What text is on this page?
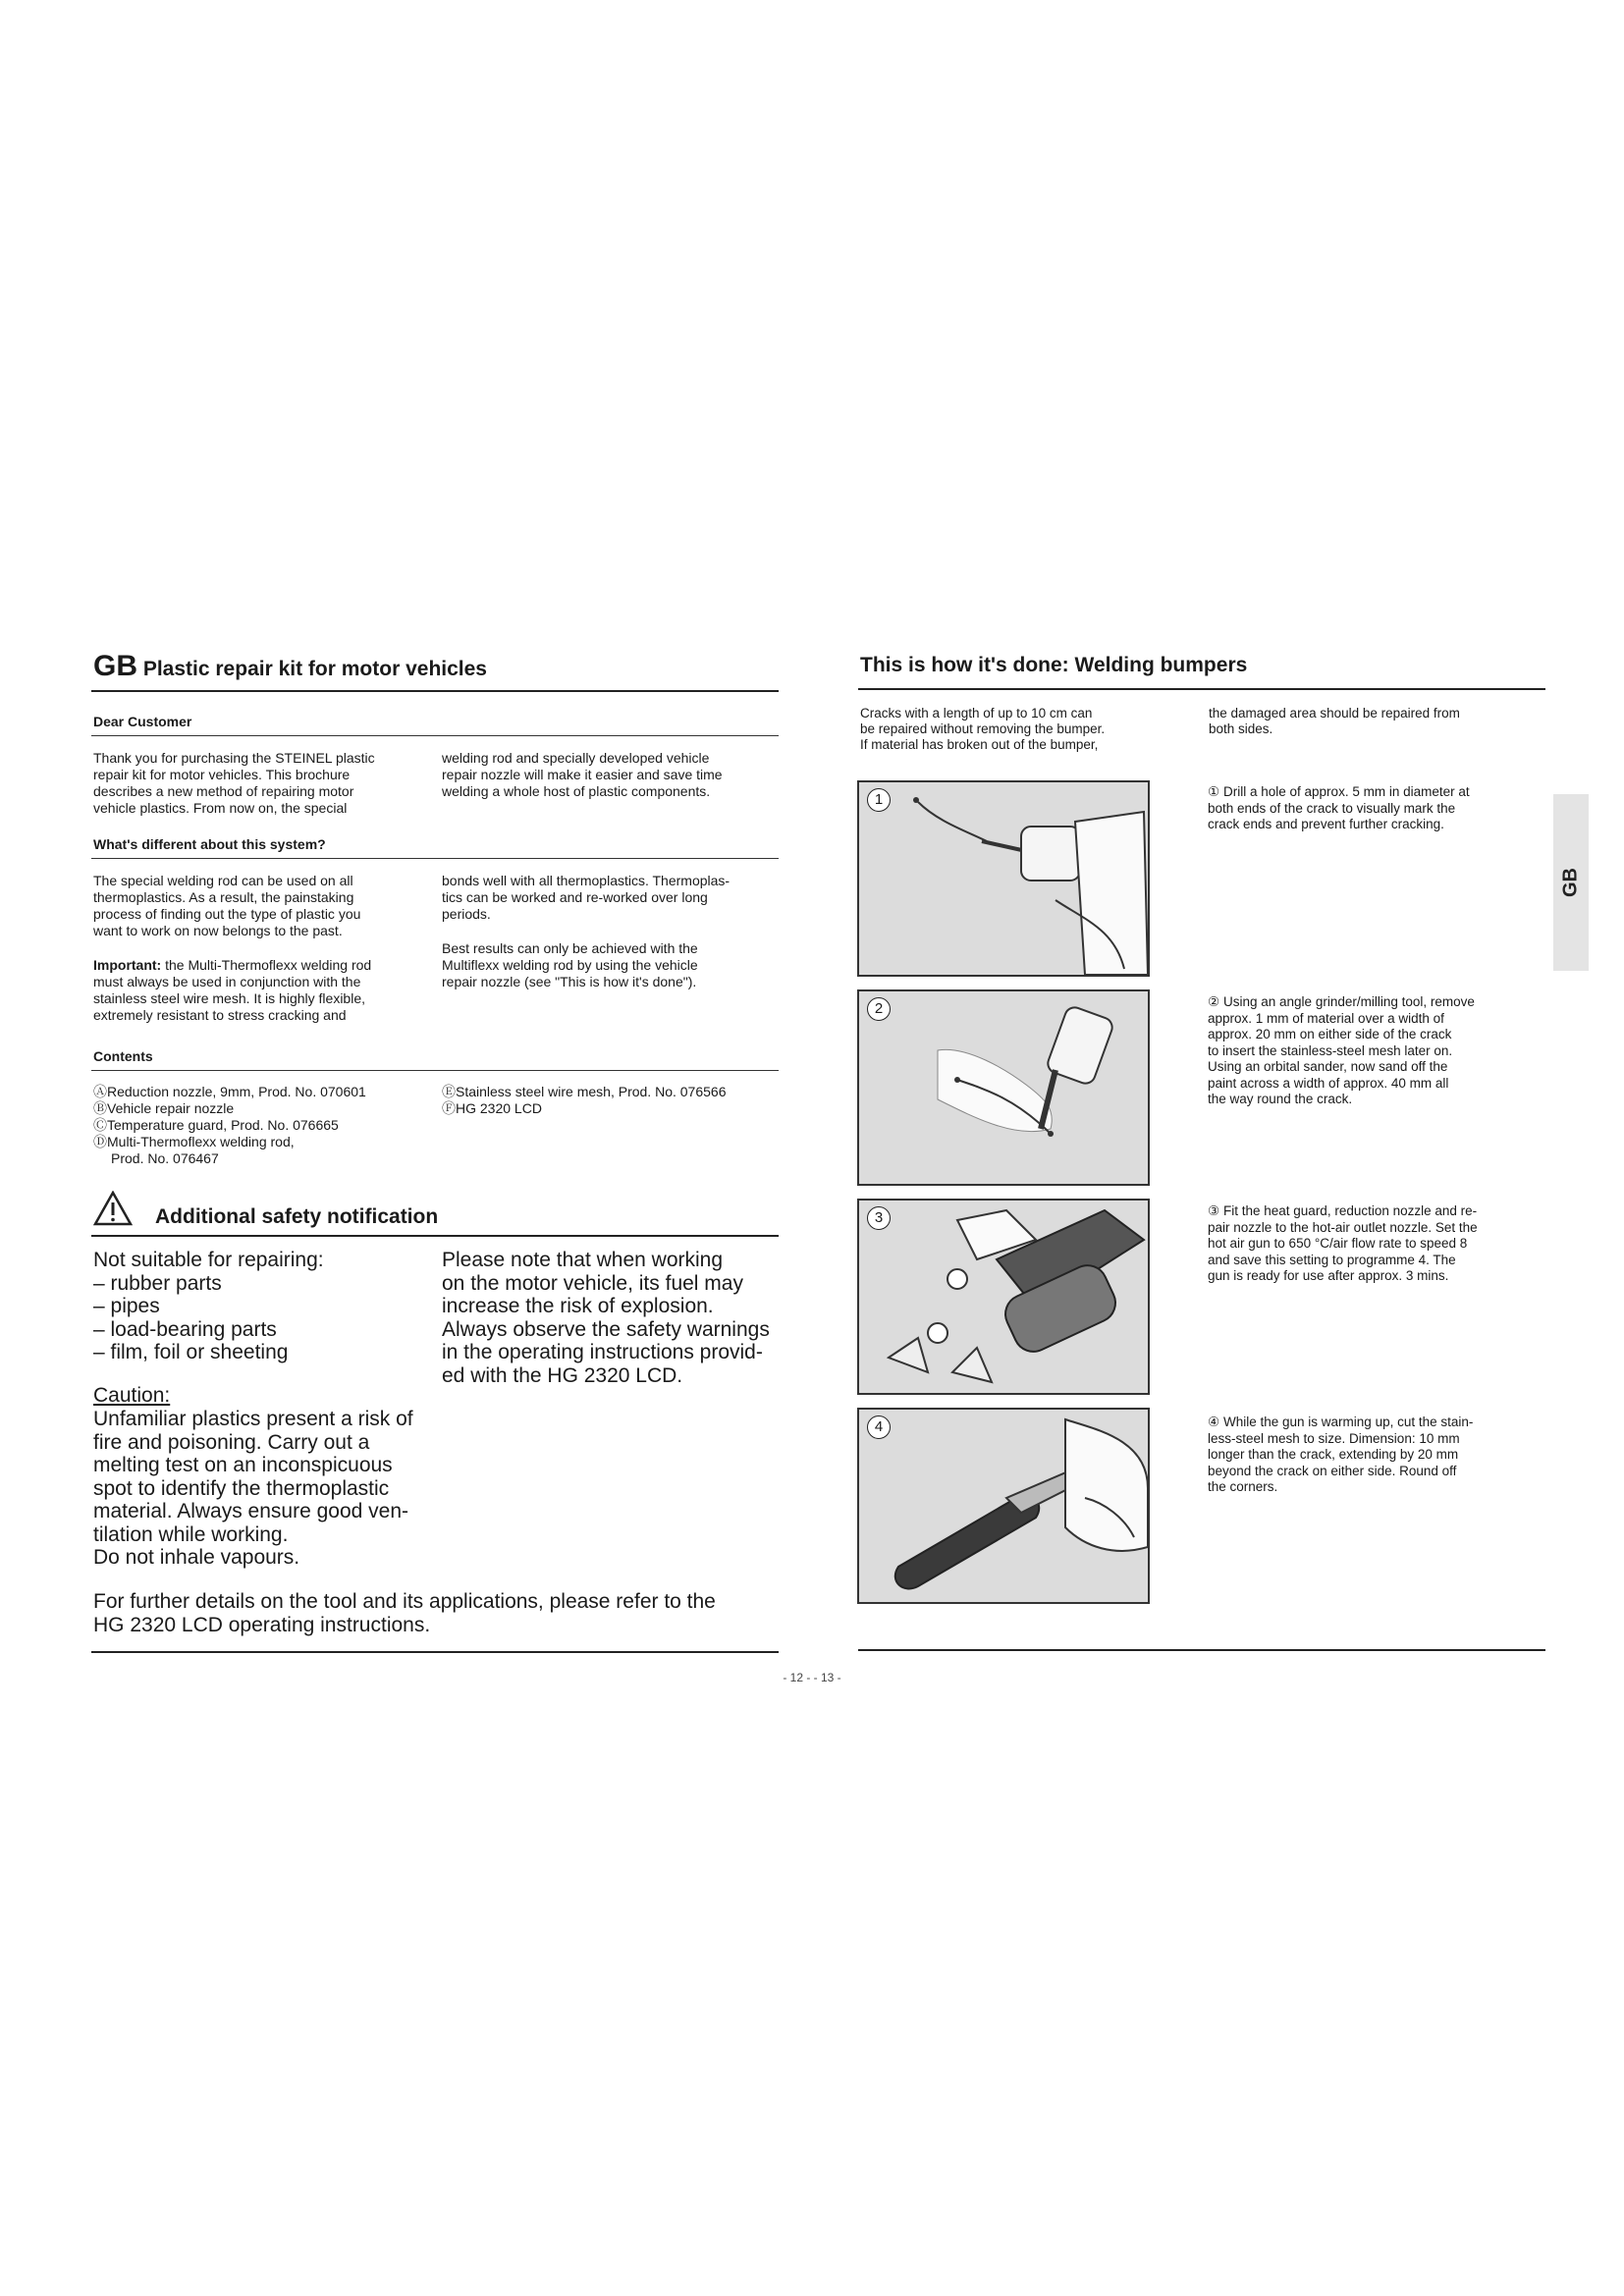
GB Plastic repair kit for motor vehicles
Dear Customer
Thank you for purchasing the STEINEL plastic
repair kit for motor vehicles. This brochure
describes a new method of repairing motor
vehicle plastics. From now on, the special
welding rod and specially developed vehicle
repair nozzle will make it easier and save time
welding a whole host of plastic components.
What's different about this system?
The special welding rod can be used on all
thermoplastics. As a result, the painstaking
process of finding out the type of plastic you
want to work on now belongs to the past.
Important: the Multi-Thermoflexx welding rod
must always be used in conjunction with the
stainless steel wire mesh. It is highly flexible,
extremely resistant to stress cracking and
bonds well with all thermoplastics. Thermoplas-
tics can be worked and re-worked over long
periods.
Best results can only be achieved with the
Multiflexx welding rod by using the vehicle
repair nozzle (see "This is how it's done").
Contents
ⒶReduction nozzle, 9mm, Prod. No. 070601
ⒷVehicle repair nozzle
ⒸTemperature guard, Prod. No. 076665
ⒹMulti-Thermoflexx welding rod,
Prod. No. 076467
ⒺStainless steel wire mesh, Prod. No. 076566
ⒻHG 2320 LCD
Additional safety notification
Not suitable for repairing:
– rubber parts
– pipes
– load-bearing parts
– film, foil or sheeting
Caution:
Unfamiliar plastics present a risk of
fire and poisoning. Carry out a
melting test on an inconspicuous
spot to identify the thermoplastic
material. Always ensure good ven-
tilation while working.
Do not inhale vapours.
Please note that when working
on the motor vehicle, its fuel may
increase the risk of explosion.
Always observe the safety warnings
in the operating instructions provid-
ed with the HG 2320 LCD.
For further details on the tool and its applications, please refer to the
HG 2320 LCD operating instructions.
- 12 - - 13 -
This is how it's done: Welding bumpers
Cracks with a length of up to 10 cm can
be repaired without removing the bumper.
If material has broken out of the bumper,
the damaged area should be repaired from
both sides.
GB
1
2
3
4
① Drill a hole of approx. 5 mm in diameter at
both ends of the crack to visually mark the
crack ends and prevent further cracking.
② Using an angle grinder/milling tool, remove
approx. 1 mm of material over a width of
approx. 20 mm on either side of the crack
to insert the stainless-steel mesh later on.
Using an orbital sander, now sand off the
paint across a width of approx. 40 mm all
the way round the crack.
③ Fit the heat guard, reduction nozzle and re-
pair nozzle to the hot-air outlet nozzle. Set the
hot air gun to 650 °C/air flow rate to speed 8
and save this setting to programme 4. The
gun is ready for use after approx. 3 mins.
④ While the gun is warming up, cut the stain-
less-steel mesh to size. Dimension: 10 mm
longer than the crack, extending by 20 mm
beyond the crack on either side. Round off
the corners.
